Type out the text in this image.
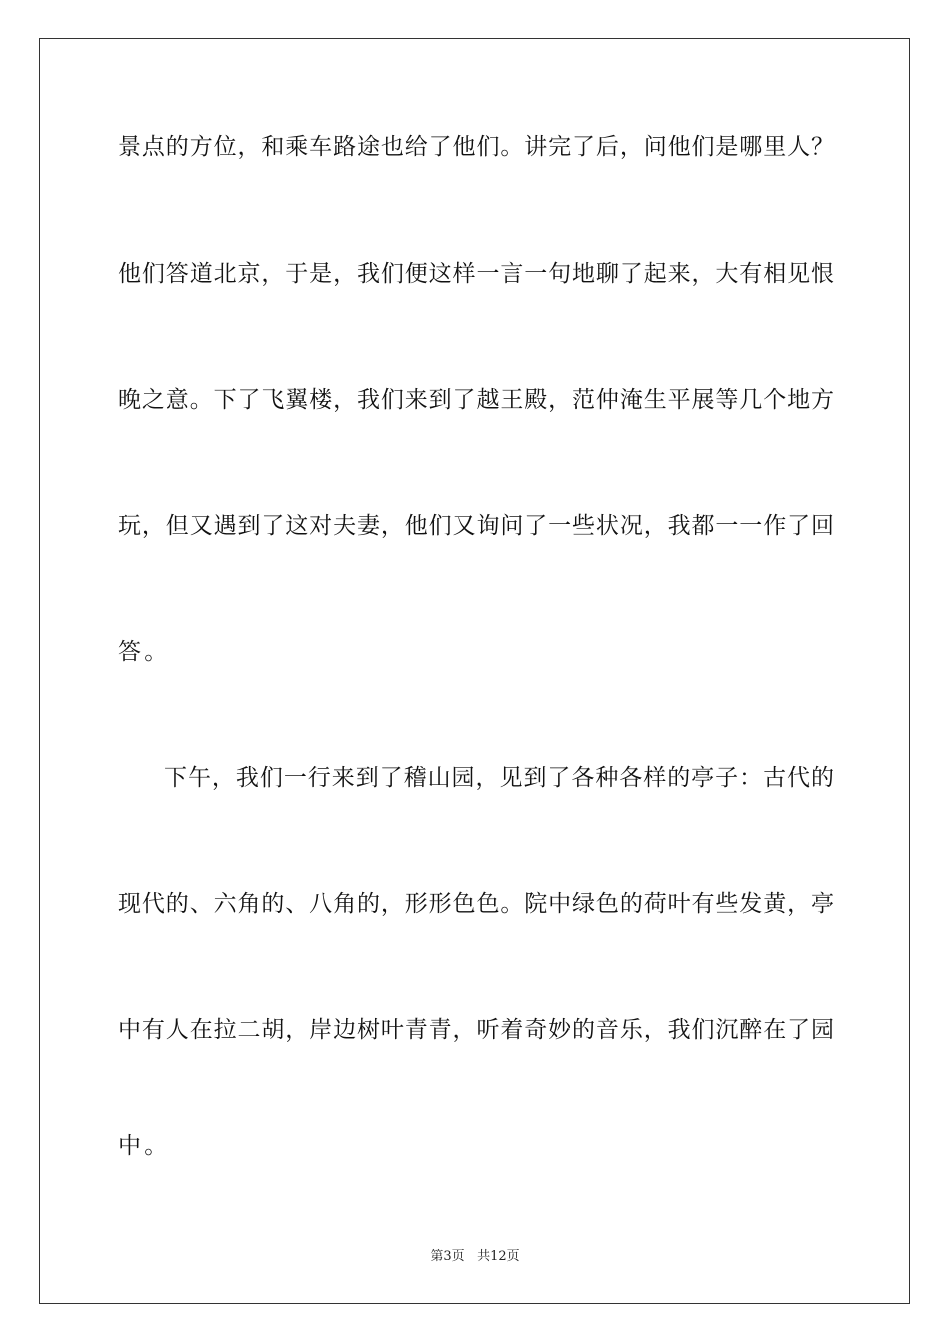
景点的方位，和乘车路途也给了他们。讲完了后，问他们是哪里人？
他们答道北京，于是，我们便这样一言一句地聊了起来，大有相见恨
晚之意。下了飞翼楼，我们来到了越王殿，范仲淹生平展等几个地方
玩，但又遇到了这对夫妻，他们又询问了一些状况，我都一一作了回
答。
下午，我们一行来到了稽山园，见到了各种各样的亭子：古代的
现代的、六角的、八角的，形形色色。院中绿色的荷叶有些发黄，亭
中有人在拉二胡，岸边树叶青青，听着奇妙的音乐，我们沉醉在了园
中。
第3页 共12页
